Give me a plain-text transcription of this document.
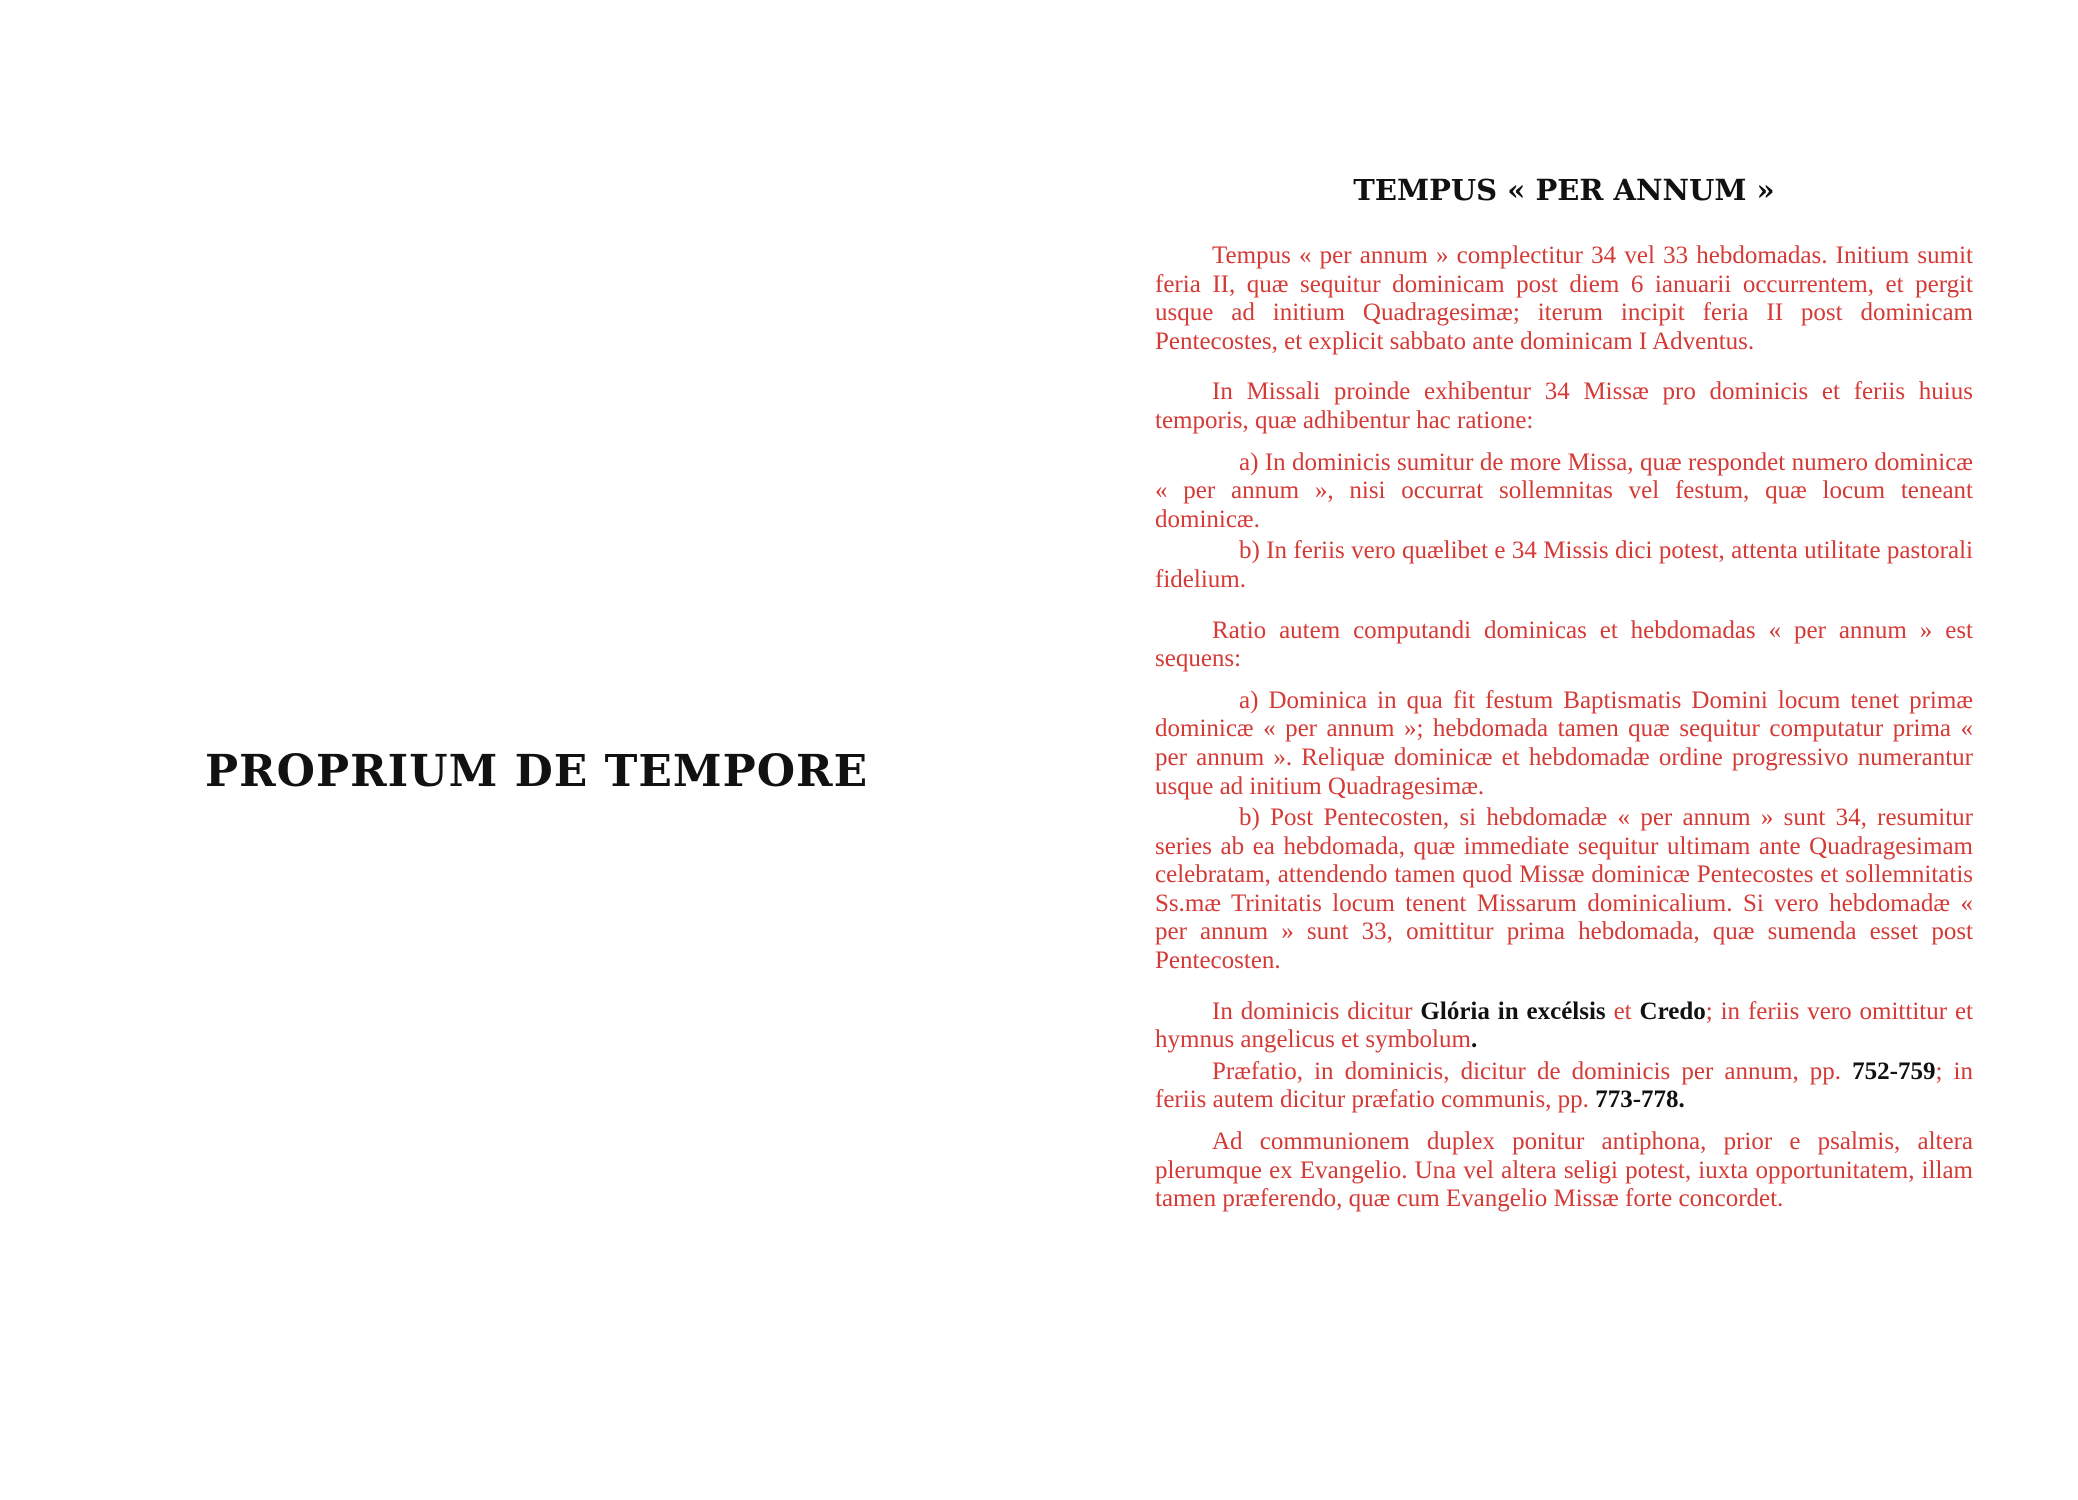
PROPRIUM DE TEMPORE
TEMPUS « PER ANNUM »

Tempus « per annum » complectitur 34 vel 33 hebdomadas. Initium sumit feria II, quæ sequitur dominicam post diem 6 ianuarii occurrentem, et pergit usque ad initium Quadragesimæ; iterum incipit feria II post dominicam Pentecostes, et explicit sabbato ante dominicam I Adventus.

In Missali proinde exhibentur 34 Missæ pro dominicis et feriis huius temporis, quæ adhibentur hac ratione:

a) In dominicis sumitur de more Missa, quæ respondet numero dominicæ « per annum », nisi occurrat sollemnitas vel festum, quæ locum teneant dominicæ.

b) In feriis vero quælibet e 34 Missis dici potest, attenta utilitate pastorali fidelium.

Ratio autem computandi dominicas et hebdomadas « per annum » est sequens:

a) Dominica in qua fit festum Baptismatis Domini locum tenet primæ dominicæ « per annum »; hebdomada tamen quæ sequitur computatur prima « per annum ». Reliquæ dominicæ et hebdomadæ ordine progressivo numerantur usque ad initium Quadragesimæ.

b) Post Pentecosten, si hebdomadæ « per annum » sunt 34, resumitur series ab ea hebdomada, quæ immediate sequitur ultimam ante Quadragesimam celebratam, attendendo tamen quod Missæ dominicæ Pentecostes et sollemnitatis Ss.mæ Trinitatis locum tenent Missarum dominicalium. Si vero hebdomadæ « per annum » sunt 33, omittitur prima hebdomada, quæ sumenda esset post Pentecosten.

In dominicis dicitur Glória in excélsis et Credo; in feriis vero omittitur et hymnus angelicus et symbolum.

Præfatio, in dominicis, dicitur de dominicis per annum, pp. 752-759; in feriis autem dicitur præfatio communis, pp. 773-778.

Ad communionem duplex ponitur antiphona, prior e psalmis, altera plerumque ex Evangelio. Una vel altera seligi potest, iuxta opportunitatem, illam tamen præferendo, quæ cum Evangelio Missæ forte concordet.
